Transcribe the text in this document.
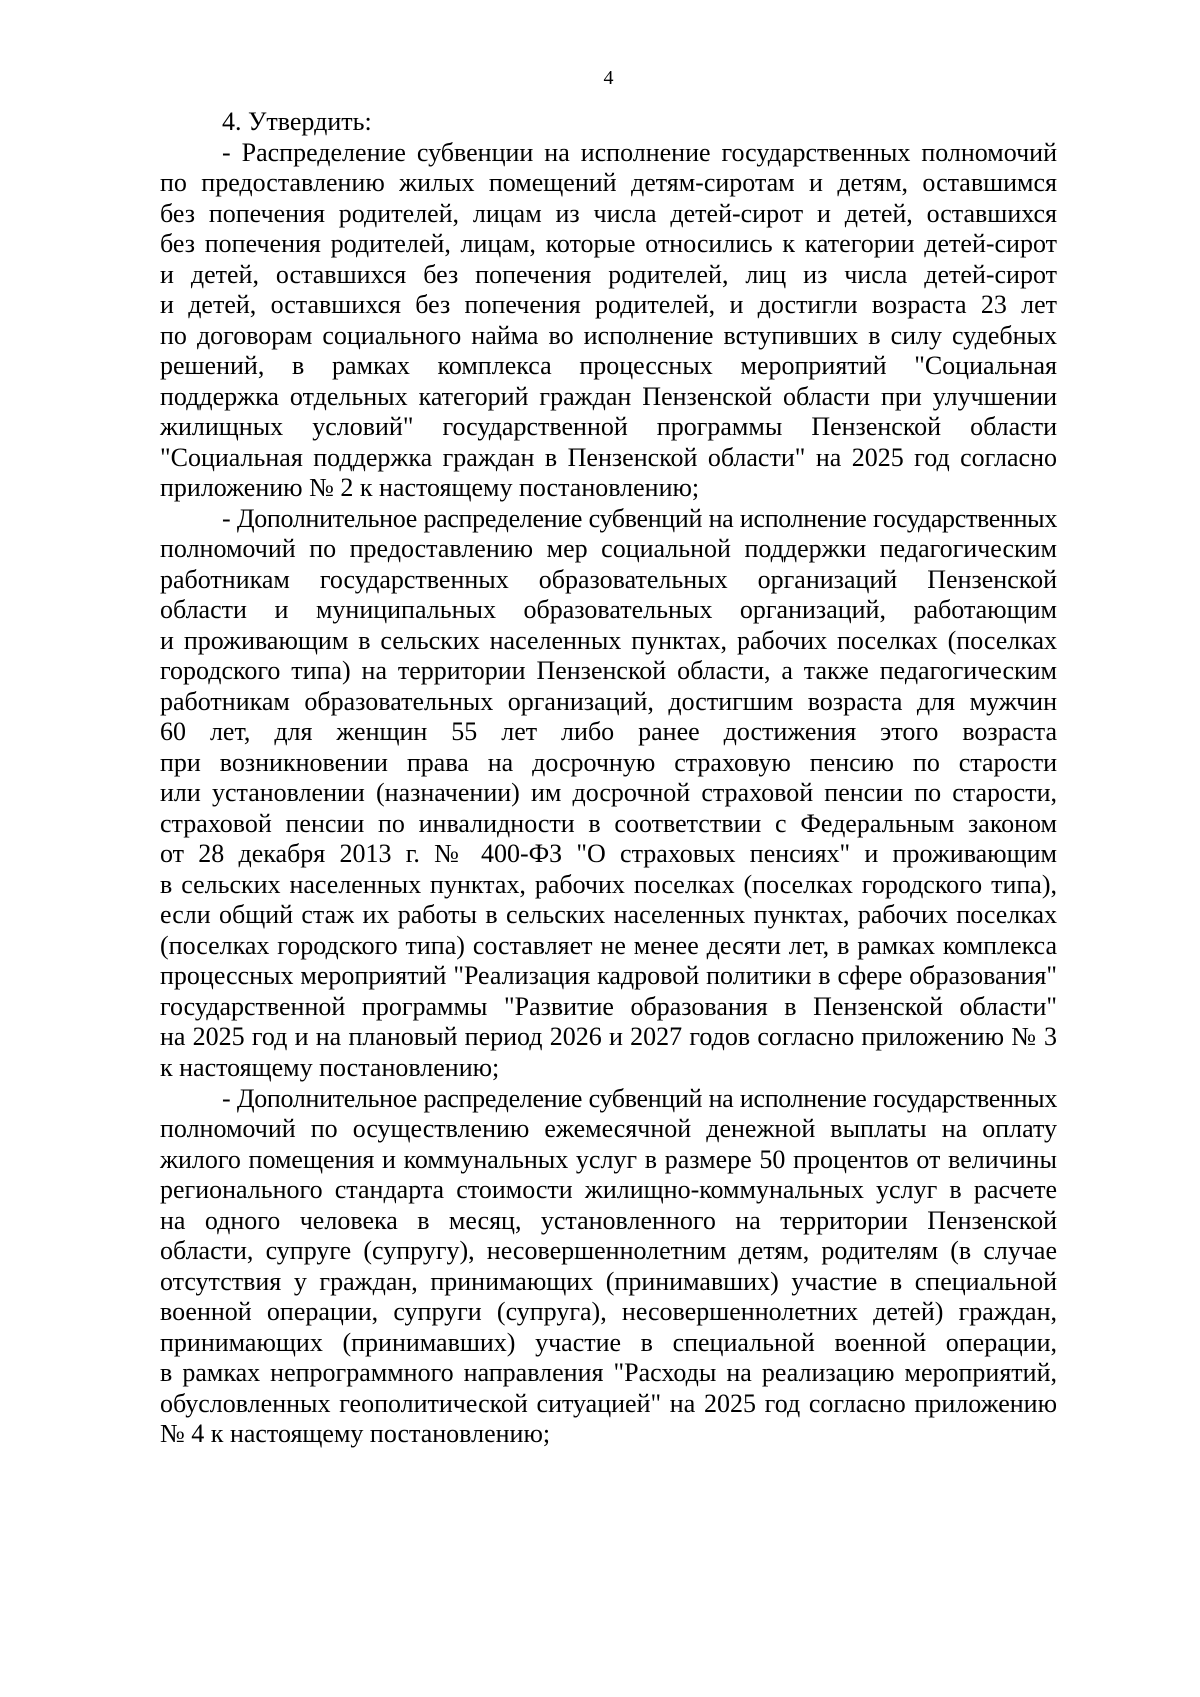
4
4. Утвердить:
- Распределение субвенции на исполнение государственных полномочий
по предоставлению жилых помещений детям-сиротам и детям, оставшимся
без попечения родителей, лицам из числа детей-сирот и детей, оставшихся
без попечения родителей, лицам, которые относились к категории детей-сирот
и детей, оставшихся без попечения родителей, лиц из числа детей-сирот
и детей, оставшихся без попечения родителей, и достигли возраста 23 лет
по договорам социального найма во исполнение вступивших в силу судебных
решений, в рамках комплекса процессных мероприятий "Социальная
поддержка отдельных категорий граждан Пензенской области при улучшении
жилищных условий" государственной программы Пензенской области
"Социальная поддержка граждан в Пензенской области" на 2025 год согласно
приложению № 2 к настоящему постановлению;
- Дополнительное распределение субвенций на исполнение государственных
полномочий по предоставлению мер социальной поддержки педагогическим
работникам государственных образовательных организаций Пензенской
области и муниципальных образовательных организаций, работающим
и проживающим в сельских населенных пунктах, рабочих поселках (поселках
городского типа) на территории Пензенской области, а также педагогическим
работникам образовательных организаций, достигшим возраста для мужчин
60 лет, для женщин 55 лет либо ранее достижения этого возраста
при возникновении права на досрочную страховую пенсию по старости
или установлении (назначении) им досрочной страховой пенсии по старости,
страховой пенсии по инвалидности в соответствии с Федеральным законом
от 28 декабря 2013 г. № 400-ФЗ "О страховых пенсиях" и проживающим
в сельских населенных пунктах, рабочих поселках (поселках городского типа),
если общий стаж их работы в сельских населенных пунктах, рабочих поселках
(поселках городского типа) составляет не менее десяти лет, в рамках комплекса
процессных мероприятий "Реализация кадровой политики в сфере образования"
государственной программы "Развитие образования в Пензенской области"
на 2025 год и на плановый период 2026 и 2027 годов согласно приложению № 3
к настоящему постановлению;
- Дополнительное распределение субвенций на исполнение государственных
полномочий по осуществлению ежемесячной денежной выплаты на оплату
жилого помещения и коммунальных услуг в размере 50 процентов от величины
регионального стандарта стоимости жилищно-коммунальных услуг в расчете
на одного человека в месяц, установленного на территории Пензенской
области, супруге (супругу), несовершеннолетним детям, родителям (в случае
отсутствия у граждан, принимающих (принимавших) участие в специальной
военной операции, супруги (супруга), несовершеннолетних детей) граждан,
принимающих (принимавших) участие в специальной военной операции,
в рамках непрограммного направления "Расходы на реализацию мероприятий,
обусловленных геополитической ситуацией" на 2025 год согласно приложению
№ 4 к настоящему постановлению;
